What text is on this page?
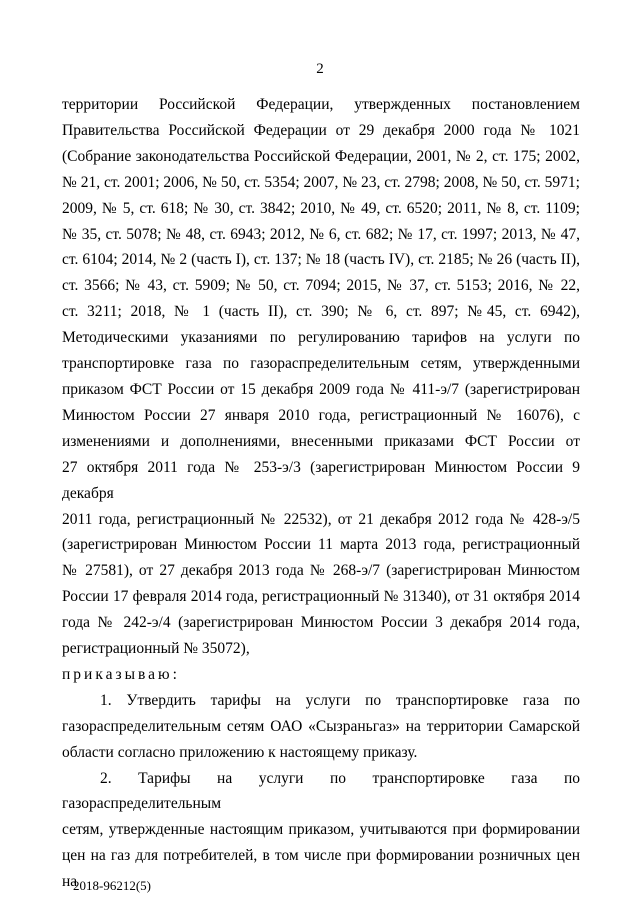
2

территории Российской Федерации, утвержденных постановлением

Правительства Российской Федерации от 29 декабря 2000 года № 1021

(Собрание законодательства Российской Федерации, 2001, № 2, ст. 175; 2002,

№ 21, ст. 2001; 2006, № 50, ст. 5354; 2007, № 23, ст. 2798; 2008, № 50, ст. 5971;

2009, № 5, ст. 618; № 30, ст. 3842; 2010, № 49, ст. 6520; 2011, № 8, ст. 1109;

№ 35, ст. 5078; № 48, ст. 6943; 2012, № 6, ст. 682; № 17, ст. 1997; 2013, № 47,

ст. 6104; 2014, № 2 (часть I), ст. 137; № 18 (часть IV), ст. 2185; № 26 (часть II),

ст. 3566; № 43, ст. 5909; № 50, ст. 7094; 2015, № 37, ст. 5153; 2016, № 22,

ст. 3211; 2018, № 1 (часть II), ст. 390; № 6, ст. 897; №45, ст. 6942),

Методическими указаниями по регулированию тарифов на услуги по

транспортировке газа по газораспределительным сетям, утвержденными

приказом ФСТ России от 15 декабря 2009 года № 411-э/7 (зарегистрирован

Минюстом России 27 января 2010 года, регистрационный № 16076), с

изменениями и дополнениями, внесенными приказами ФСТ России от

27 октября 2011 года № 253-э/3 (зарегистрирован Минюстом России 9 декабря

2011 года, регистрационный № 22532), от 21 декабря 2012 года № 428-э/5

(зарегистрирован Минюстом России 11 марта 2013 года, регистрационный

№ 27581), от 27 декабря 2013 года № 268-э/7 (зарегистрирован Минюстом

России 17 февраля 2014 года, регистрационный № 31340), от 31 октября 2014

года № 242-э/4 (зарегистрирован Минюстом России 3 декабря 2014 года,

регистрационный № 35072),

приказываю:

1. Утвердить тарифы на услуги по транспортировке газа по

газораспределительным сетям ОАО «Сызраньгаз» на территории Самарской

области согласно приложению к настоящему приказу.

2. Тарифы на услуги по транспортировке газа по газораспределительным

сетям, утвержденные настоящим приказом, учитываются при формировании

цен на газ для потребителей, в том числе при формировании розничных цен на

2018-96212(5)
